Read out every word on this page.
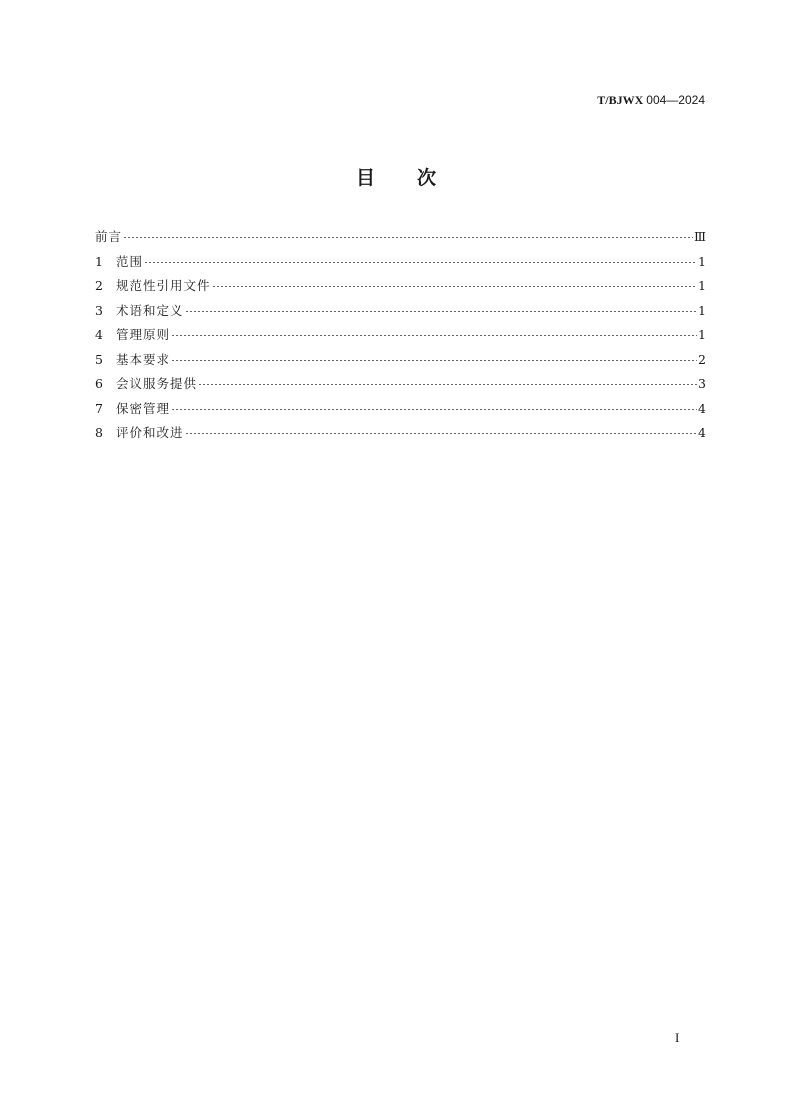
T/BJWX 004—2024
目次
前言	Ⅲ
1	范围	1
2	规范性引用文件	1
3	术语和定义	1
4	管理原则	1
5	基本要求	2
6	会议服务提供	3
7	保密管理	4
8	评价和改进	4
I
